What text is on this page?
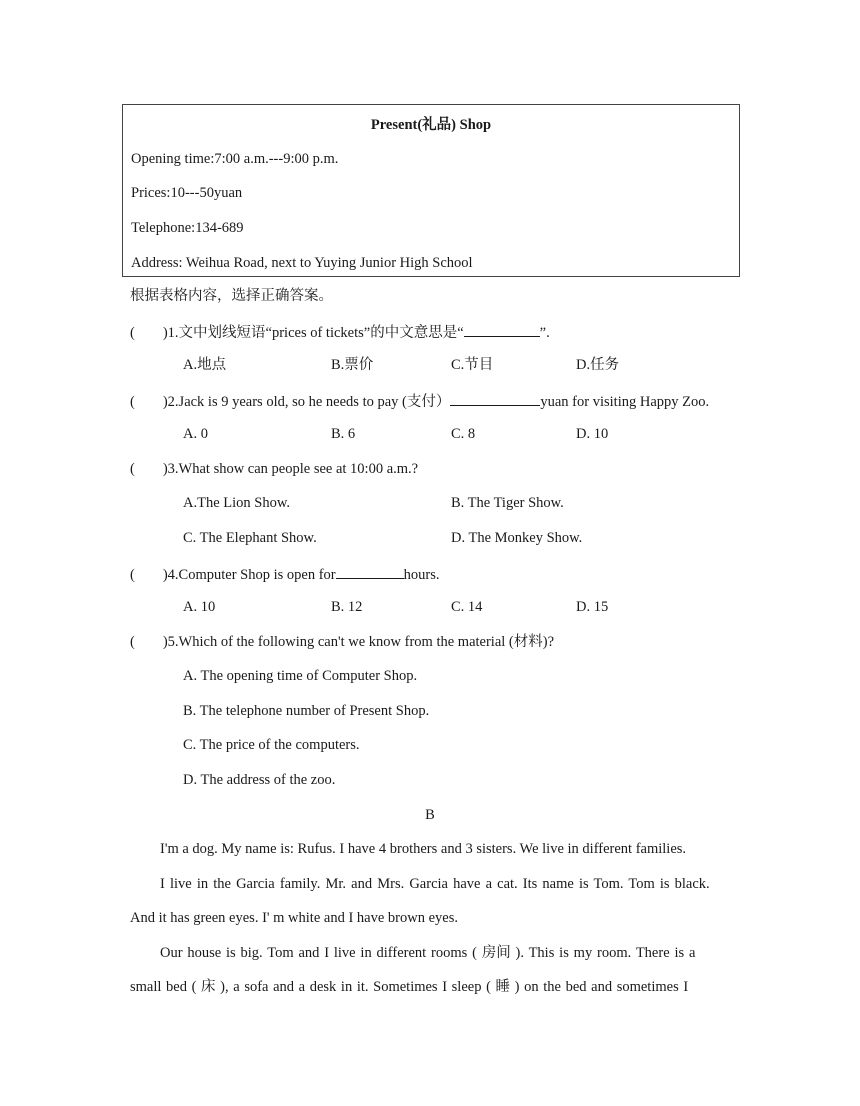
Present(礼品) Shop
Opening time:7:00 a.m.---9:00 p.m.
Prices:10---50yuan
Telephone:134-689
Address: Weihua Road, next to Yuying Junior High School
根据表格内容，选择正确答案。
( )1.文中划线短语“prices of tickets”的中文意思是“	”.
A.地点	B.票价	C.节目	D.任务
( )2.Jack is 9 years old, so he needs to pay (支付）	yuan for visiting Happy Zoo.
A. 0	B. 6	C. 8	D. 10
( )3.What show can people see at 10:00 a.m.?
A.The Lion Show.	B. The Tiger Show.
C. The Elephant Show.	D. The Monkey Show.
( )4.Computer Shop is open for	hours.
A. 10	B. 12	C. 14	D. 15
( )5.Which of the following can't we know from the material (材料)?
A. The opening time of Computer Shop.
B. The telephone number of Present Shop.
C. The price of the computers.
D. The address of the zoo.
B
I'm a dog. My name is: Rufus. I have 4 brothers and 3 sisters. We live in different families.
I live in the Garcia family. Mr. and Mrs. Garcia have a cat. Its name is Tom. Tom is black.
And it has green eyes. I' m white and I have brown eyes.
Our house is big. Tom and I live in different rooms ( 房间 ). This is my room. There is a
small bed ( 床 ), a sofa and a desk in it. Sometimes I sleep ( 睡 ) on the bed and sometimes I
